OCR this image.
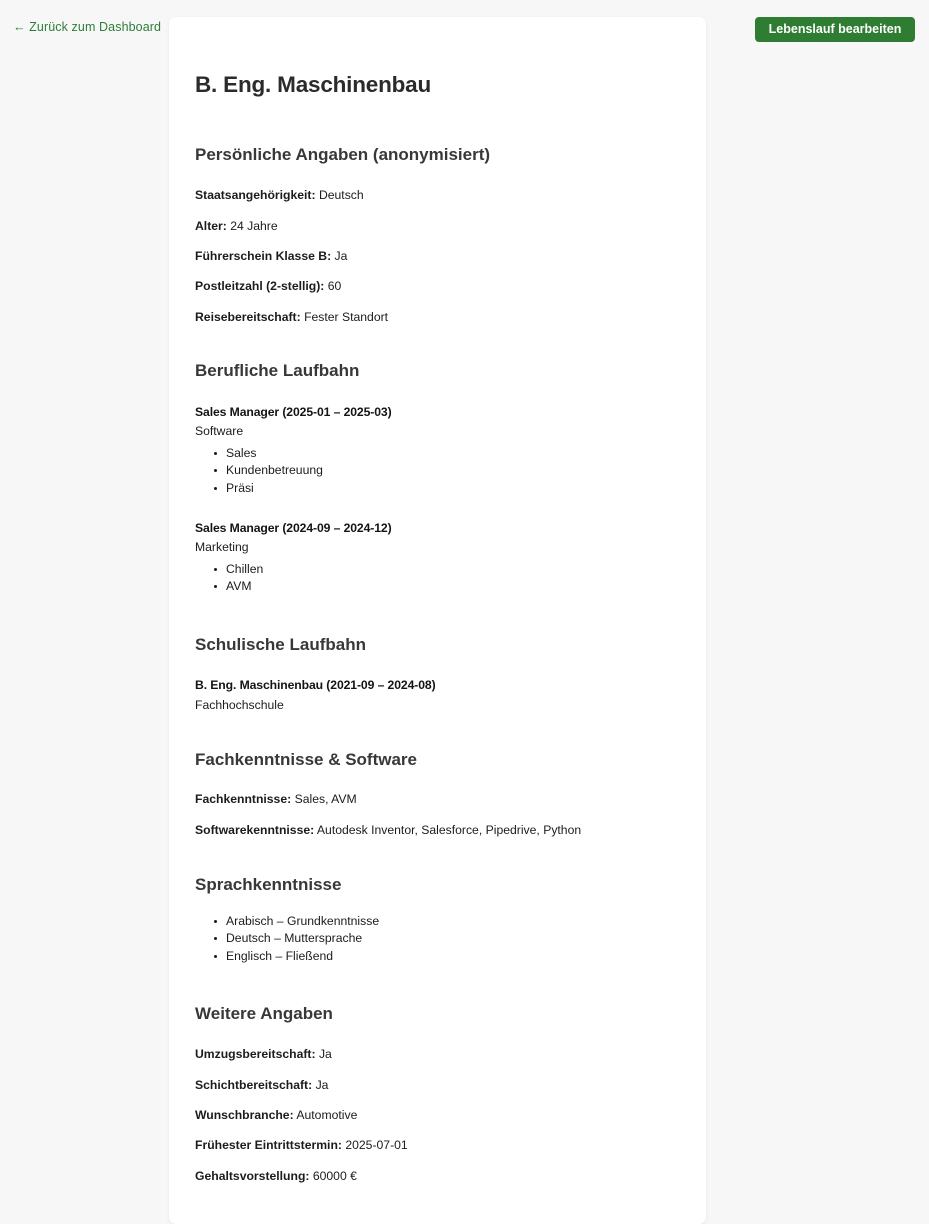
← Zurück zum Dashboard	Lebenslauf bearbeiten
B. Eng. Maschinenbau
Persönliche Angaben (anonymisiert)

Staatsangehörigkeit: Deutsch

Alter: 24 Jahre

Führerschein Klasse B: Ja

Postleitzahl (2-stellig): 60

Reisebereitschaft: Fester Standort

Berufliche Laufbahn

Sales Manager (2025-01 – 2025-03)

Software

Sales
Kundenbetreuung
Präsi

Sales Manager (2024-09 – 2024-12)

Marketing

Chillen
AVM
Schulische Laufbahn

B. Eng. Maschinenbau (2021-09 – 2024-08)

Fachhochschule

Fachkenntnisse & Software

Fachkenntnisse: Sales, AVM

Softwarekenntnisse: Autodesk Inventor, Salesforce, Pipedrive, Python

Sprachkenntnisse
Arabisch – Grundkenntnisse
Deutsch – Muttersprache
Englisch – Fließend
Weitere Angaben

Umzugsbereitschaft: Ja

Schichtbereitschaft: Ja

Wunschbranche: Automotive

Frühester Eintrittstermin: 2025-07-01

Gehaltsvorstellung: 60000 €
